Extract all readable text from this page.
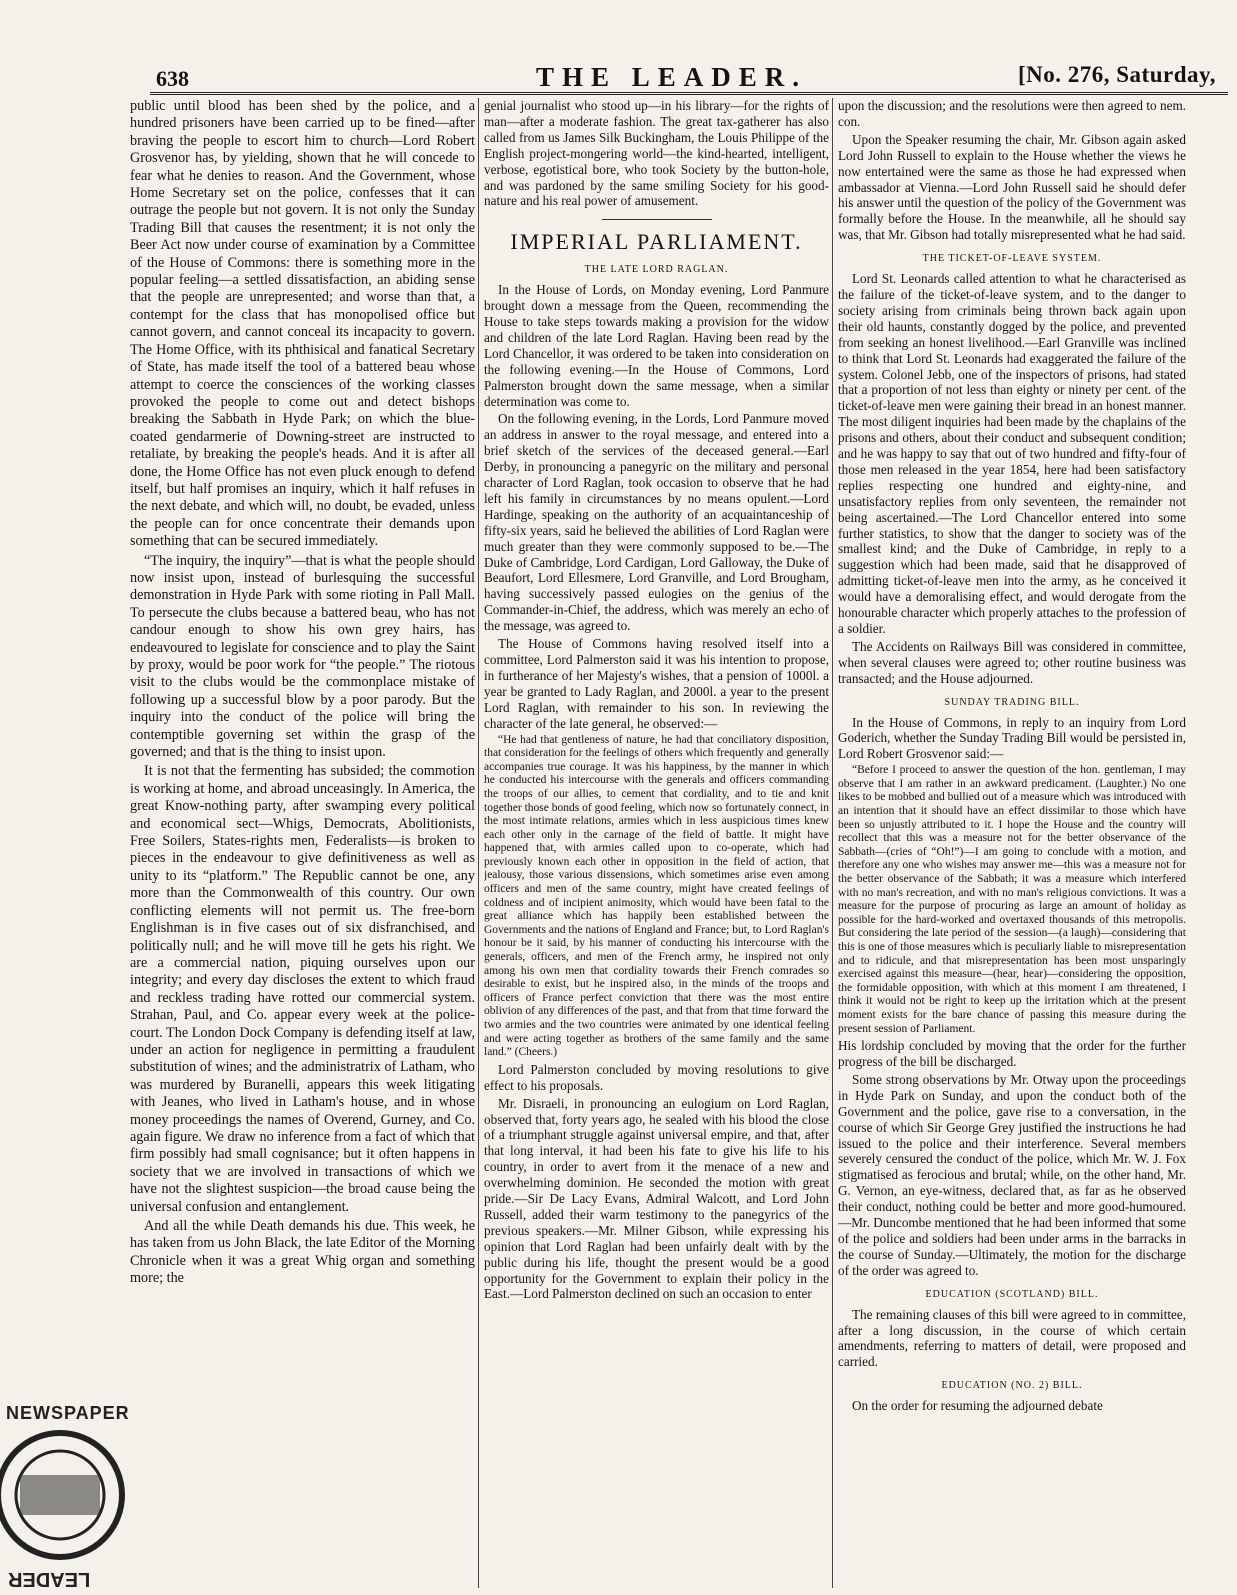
638	THE LEADER.	[No. 276, Saturday,

public until blood has been shed by the police, and a hundred prisoners have been carried up to be fined—after braving the people to escort him to church—Lord Robert Grosvenor has, by yielding, shown that he will concede to fear what he denies to reason. And the Government, whose Home Secretary set on the police, confesses that it can outrage the people but not govern. It is not only the Sunday Trading Bill that causes the resentment; it is not only the Beer Act now under course of examination by a Committee of the House of Commons: there is something more in the popular feeling—a settled dissatisfaction, an abiding sense that the people are unrepresented; and worse than that, a contempt for the class that has monopolised office but cannot govern, and cannot conceal its incapacity to govern. The Home Office, with its phthisical and fanatical Secretary of State, has made itself the tool of a battered beau whose attempt to coerce the consciences of the working classes provoked the people to come out and detect bishops breaking the Sabbath in Hyde Park; on which the blue-coated gendarmerie of Downing-street are instructed to retaliate, by breaking the people's heads. And it is after all done, the Home Office has not even pluck enough to defend itself, but half promises an inquiry, which it half refuses in the next debate, and which will, no doubt, be evaded, unless the people can for once concentrate their demands upon something that can be secured immediately.

“The inquiry, the inquiry”—that is what the people should now insist upon, instead of burlesquing the successful demonstration in Hyde Park with some rioting in Pall Mall. To persecute the clubs because a battered beau, who has not candour enough to show his own grey hairs, has endeavoured to legislate for conscience and to play the Saint by proxy, would be poor work for “the people.” The riotous visit to the clubs would be the commonplace mistake of following up a successful blow by a poor parody. But the inquiry into the conduct of the police will bring the contemptible governing set within the grasp of the governed; and that is the thing to insist upon.

It is not that the fermenting has subsided; the commotion is working at home, and abroad unceasingly. In America, the great Know-nothing party, after swamping every political and economical sect—Whigs, Democrats, Abolitionists, Free Soilers, States-rights men, Federalists—is broken to pieces in the endeavour to give definitiveness as well as unity to its “platform.” The Republic cannot be one, any more than the Commonwealth of this country. Our own conflicting elements will not permit us. The free-born Englishman is in five cases out of six disfranchised, and politically null; and he will move till he gets his right. We are a commercial nation, piquing ourselves upon our integrity; and every day discloses the extent to which fraud and reckless trading have rotted our commercial system. Strahan, Paul, and Co. appear every week at the police-court. The London Dock Company is defending itself at law, under an action for negligence in permitting a fraudulent substitution of wines; and the administratrix of Latham, who was murdered by Buranelli, appears this week litigating with Jeanes, who lived in Latham's house, and in whose money proceedings the names of Overend, Gurney, and Co. again figure. We draw no inference from a fact of which that firm possibly had small cognisance; but it often happens in society that we are involved in transactions of which we have not the slightest suspicion—the broad cause being the universal confusion and entanglement.

And all the while Death demands his due. This week, he has taken from us John Black, the late Editor of the Morning Chronicle when it was a great Whig organ and something more; the

genial journalist who stood up—in his library—for the rights of man—after a moderate fashion. The great tax-gatherer has also called from us James Silk Buckingham, the Louis Philippe of the English project-mongering world—the kind-hearted, intelligent, verbose, egotistical bore, who took Society by the button-hole, and was pardoned by the same smiling Society for his good-nature and his real power of amusement.

IMPERIAL PARLIAMENT.
THE LATE LORD RAGLAN.

In the House of Lords, on Monday evening, Lord Panmure brought down a message from the Queen, recommending the House to take steps towards making a provision for the widow and children of the late Lord Raglan. Having been read by the Lord Chancellor, it was ordered to be taken into consideration on the following evening.—In the House of Commons, Lord Palmerston brought down the same message, when a similar determination was come to.

On the following evening, in the Lords, Lord Panmure moved an address in answer to the royal message, and entered into a brief sketch of the services of the deceased general.—Earl Derby, in pronouncing a panegyric on the military and personal character of Lord Raglan, took occasion to observe that he had left his family in circumstances by no means opulent.—Lord Hardinge, speaking on the authority of an acquaintanceship of fifty-six years, said he believed the abilities of Lord Raglan were much greater than they were commonly supposed to be.—The Duke of Cambridge, Lord Cardigan, Lord Galloway, the Duke of Beaufort, Lord Ellesmere, Lord Granville, and Lord Brougham, having successively passed eulogies on the genius of the Commander-in-Chief, the address, which was merely an echo of the message, was agreed to.

The House of Commons having resolved itself into a committee, Lord Palmerston said it was his intention to propose, in furtherance of her Majesty's wishes, that a pension of 1000l. a year be granted to Lady Raglan, and 2000l. a year to the present Lord Raglan, with remainder to his son. In reviewing the character of the late general, he observed:—

“He had that gentleness of nature, he had that conciliatory disposition, that consideration for the feelings of others which frequently and generally accompanies true courage. It was his happiness, by the manner in which he conducted his intercourse with the generals and officers commanding the troops of our allies, to cement that cordiality, and to tie and knit together those bonds of good feeling, which now so fortunately connect, in the most intimate relations, armies which in less auspicious times knew each other only in the carnage of the field of battle. It might have happened that, with armies called upon to co-operate, which had previously known each other in opposition in the field of action, that jealousy, those various dissensions, which sometimes arise even among officers and men of the same country, might have created feelings of coldness and of incipient animosity, which would have been fatal to the great alliance which has happily been established between the Governments and the nations of England and France; but, to Lord Raglan's honour be it said, by his manner of conducting his intercourse with the generals, officers, and men of the French army, he inspired not only among his own men that cordiality towards their French comrades so desirable to exist, but he inspired also, in the minds of the troops and officers of France perfect conviction that there was the most entire oblivion of any differences of the past, and that from that time forward the two armies and the two countries were animated by one identical feeling and were acting together as brothers of the same family and the same land.” (Cheers.)

Lord Palmerston concluded by moving resolutions to give effect to his proposals.

Mr. Disraeli, in pronouncing an eulogium on Lord Raglan, observed that, forty years ago, he sealed with his blood the close of a triumphant struggle against universal empire, and that, after that long interval, it had been his fate to give his life to his country, in order to avert from it the menace of a new and overwhelming dominion. He seconded the motion with great pride.—Sir De Lacy Evans, Admiral Walcott, and Lord John Russell, added their warm testimony to the panegyrics of the previous speakers.—Mr. Milner Gibson, while expressing his opinion that Lord Raglan had been unfairly dealt with by the public during his life, thought the present would be a good opportunity for the Government to explain their policy in the East.—Lord Palmerston declined on such an occasion to enter

upon the discussion; and the resolutions were then agreed to nem. con.

Upon the Speaker resuming the chair, Mr. Gibson again asked Lord John Russell to explain to the House whether the views he now entertained were the same as those he had expressed when ambassador at Vienna.—Lord John Russell said he should defer his answer until the question of the policy of the Government was formally before the House. In the meanwhile, all he should say was, that Mr. Gibson had totally misrepresented what he had said.

THE TICKET-OF-LEAVE SYSTEM.

Lord St. Leonards called attention to what he characterised as the failure of the ticket-of-leave system, and to the danger to society arising from criminals being thrown back again upon their old haunts, constantly dogged by the police, and prevented from seeking an honest livelihood.—Earl Granville was inclined to think that Lord St. Leonards had exaggerated the failure of the system. Colonel Jebb, one of the inspectors of prisons, had stated that a proportion of not less than eighty or ninety per cent. of the ticket-of-leave men were gaining their bread in an honest manner. The most diligent inquiries had been made by the chaplains of the prisons and others, about their conduct and subsequent condition; and he was happy to say that out of two hundred and fifty-four of those men released in the year 1854, here had been satisfactory replies respecting one hundred and eighty-nine, and unsatisfactory replies from only seventeen, the remainder not being ascertained.—The Lord Chancellor entered into some further statistics, to show that the danger to society was of the smallest kind; and the Duke of Cambridge, in reply to a suggestion which had been made, said that he disapproved of admitting ticket-of-leave men into the army, as he conceived it would have a demoralising effect, and would derogate from the honourable character which properly attaches to the profession of a soldier.

The Accidents on Railways Bill was considered in committee, when several clauses were agreed to; other routine business was transacted; and the House adjourned.

SUNDAY TRADING BILL.

In the House of Commons, in reply to an inquiry from Lord Goderich, whether the Sunday Trading Bill would be persisted in, Lord Robert Grosvenor said:—

“Before I proceed to answer the question of the hon. gentleman, I may observe that I am rather in an awkward predicament. (Laughter.) No one likes to be mobbed and bullied out of a measure which was introduced with an intention that it should have an effect dissimilar to those which have been so unjustly attributed to it. I hope the House and the country will recollect that this was a measure not for the better observance of the Sabbath—(cries of “Oh!”)—I am going to conclude with a motion, and therefore any one who wishes may answer me—this was a measure not for the better observance of the Sabbath; it was a measure which interfered with no man's recreation, and with no man's religious convictions. It was a measure for the purpose of procuring as large an amount of holiday as possible for the hard-worked and overtaxed thousands of this metropolis. But considering the late period of the session—(a laugh)—considering that this is one of those measures which is peculiarly liable to misrepresentation and to ridicule, and that misrepresentation has been most unsparingly exercised against this measure—(hear, hear)—considering the opposition, the formidable opposition, with which at this moment I am threatened, I think it would not be right to keep up the irritation which at the present moment exists for the bare chance of passing this measure during the present session of Parliament.

His lordship concluded by moving that the order for the further progress of the bill be discharged.

Some strong observations by Mr. Otway upon the proceedings in Hyde Park on Sunday, and upon the conduct both of the Government and the police, gave rise to a conversation, in the course of which Sir George Grey justified the instructions he had issued to the police and their interference. Several members severely censured the conduct of the police, which Mr. W. J. Fox stigmatised as ferocious and brutal; while, on the other hand, Mr. G. Vernon, an eye-witness, declared that, as far as he observed their conduct, nothing could be better and more good-humoured.—Mr. Duncombe mentioned that he had been informed that some of the police and soldiers had been under arms in the barracks in the course of Sunday.—Ultimately, the motion for the discharge of the order was agreed to.

EDUCATION (SCOTLAND) BILL.

The remaining clauses of this bill were agreed to in committee, after a long discussion, in the course of which certain amendments, referring to matters of detail, were proposed and carried.

EDUCATION (NO. 2) BILL.

On the order for resuming the adjourned debate

NEWSPAPER
LEADER
